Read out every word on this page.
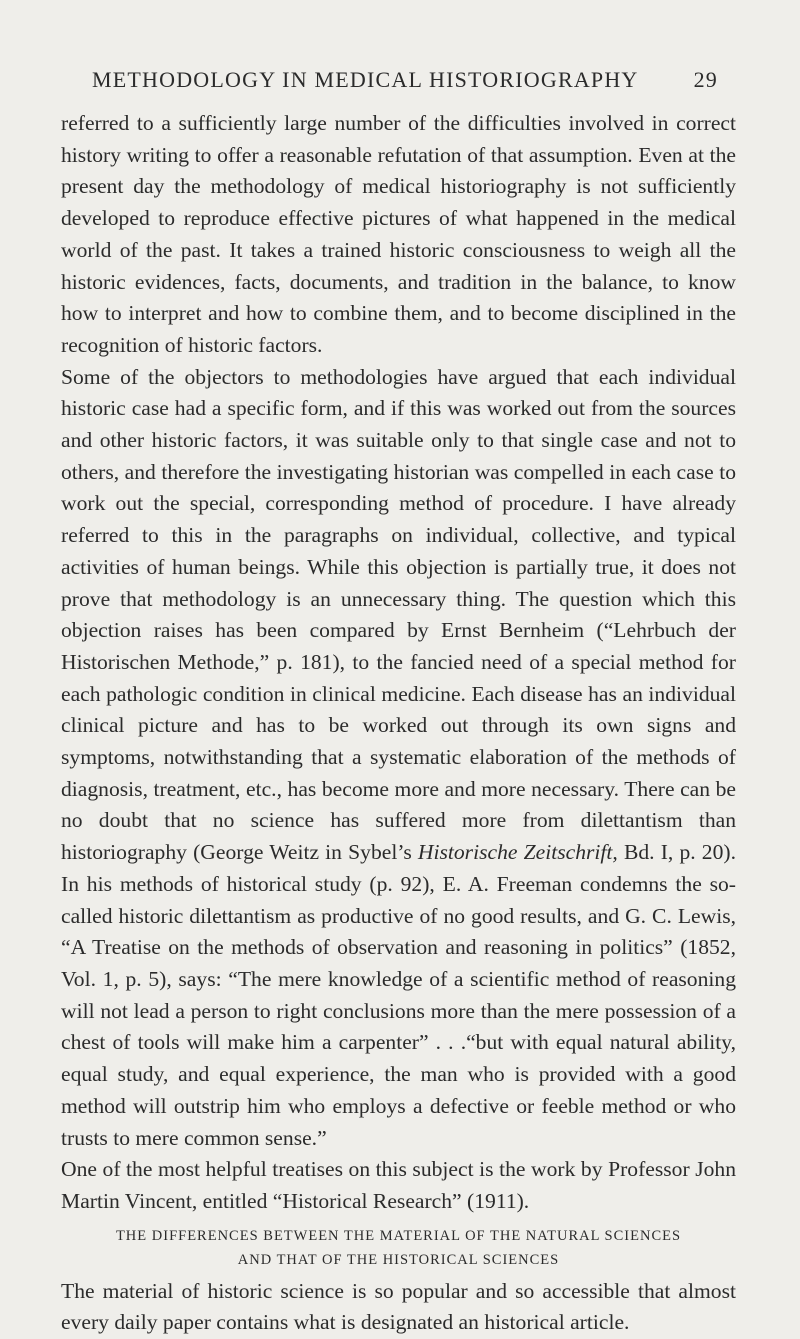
METHODOLOGY IN MEDICAL HISTORIOGRAPHY	29

referred to a sufficiently large number of the difficulties involved in correct history writing to offer a reasonable refutation of that assumption. Even at the present day the methodology of medical historiography is not sufficiently developed to reproduce effective pictures of what happened in the medical world of the past. It takes a trained historic consciousness to weigh all the historic evidences, facts, documents, and tradition in the balance, to know how to interpret and how to combine them, and to become disciplined in the recognition of historic factors.

Some of the objectors to methodologies have argued that each individual historic case had a specific form, and if this was worked out from the sources and other historic factors, it was suitable only to that single case and not to others, and therefore the investigating historian was compelled in each case to work out the special, corresponding method of procedure. I have already referred to this in the paragraphs on individual, collective, and typical activities of human beings. While this objection is partially true, it does not prove that methodology is an unnecessary thing. The question which this objection raises has been compared by Ernst Bernheim (“Lehrbuch der Historischen Methode,” p. 181), to the fancied need of a special method for each pathologic condition in clinical medicine. Each disease has an individual clinical picture and has to be worked out through its own signs and symptoms, notwithstanding that a systematic elaboration of the methods of diagnosis, treatment, etc., has become more and more necessary. There can be no doubt that no science has suffered more from dilettantism than historiography (George Weitz in Sybel’s Historische Zeitschrift, Bd. I, p. 20). In his methods of historical study (p. 92), E. A. Freeman condemns the so-called historic dilettantism as productive of no good results, and G. C. Lewis, “A Treatise on the methods of observation and reasoning in politics” (1852, Vol. 1, p. 5), says: “The mere knowledge of a scientific method of reasoning will not lead a person to right conclusions more than the mere possession of a chest of tools will make him a carpenter” . . .“but with equal natural ability, equal study, and equal experience, the man who is provided with a good method will outstrip him who employs a defective or feeble method or who trusts to mere common sense.”

One of the most helpful treatises on this subject is the work by Professor John Martin Vincent, entitled “Historical Research” (1911).

THE DIFFERENCES BETWEEN THE MATERIAL OF THE NATURAL SCIENCES
AND THAT OF THE HISTORICAL SCIENCES

The material of historic science is so popular and so accessible that almost every daily paper contains what is designated an historical article.
